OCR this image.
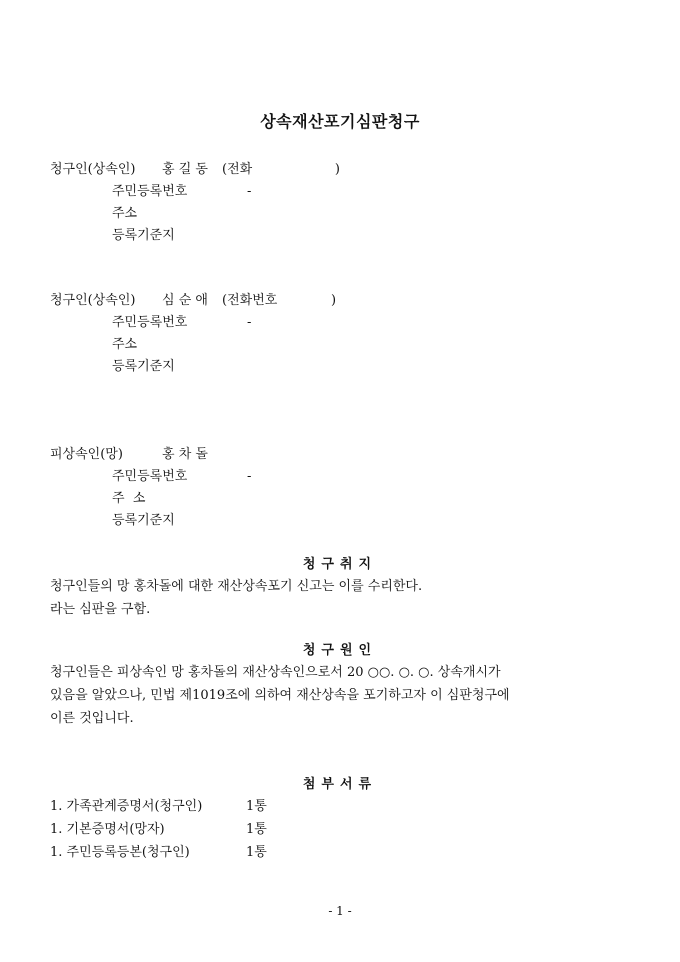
상속재산포기심판청구
청구인(상속인) 홍 길 동 (전화                    )
주민등록번호	-
주소
등록기준지
청구인(상속인) 심 순 애 (전화번호             )
주민등록번호	-
주소
등록기준지
피상속인(망)	홍 차 돌
주민등록번호	-
주  소
등록기준지
청구취지
청구인들의 망 홍차돌에 대한 재산상속포기 신고는 이를 수리한다.
라는 심판을 구함.
청구원인
청구인들은 피상속인 망 홍차돌의 재산상속인으로서 20 ○○. ○. ○. 상속개시가
있음을 알았으나, 민법 제1019조에 의하여 재산상속을 포기하고자 이 심판청구에
이른 것입니다.
첨부서류
1. 가족관계증명서(청구인)	1통
1. 기본증명서(망자)	1통
1. 주민등록등본(청구인)	1통
- 1 -
